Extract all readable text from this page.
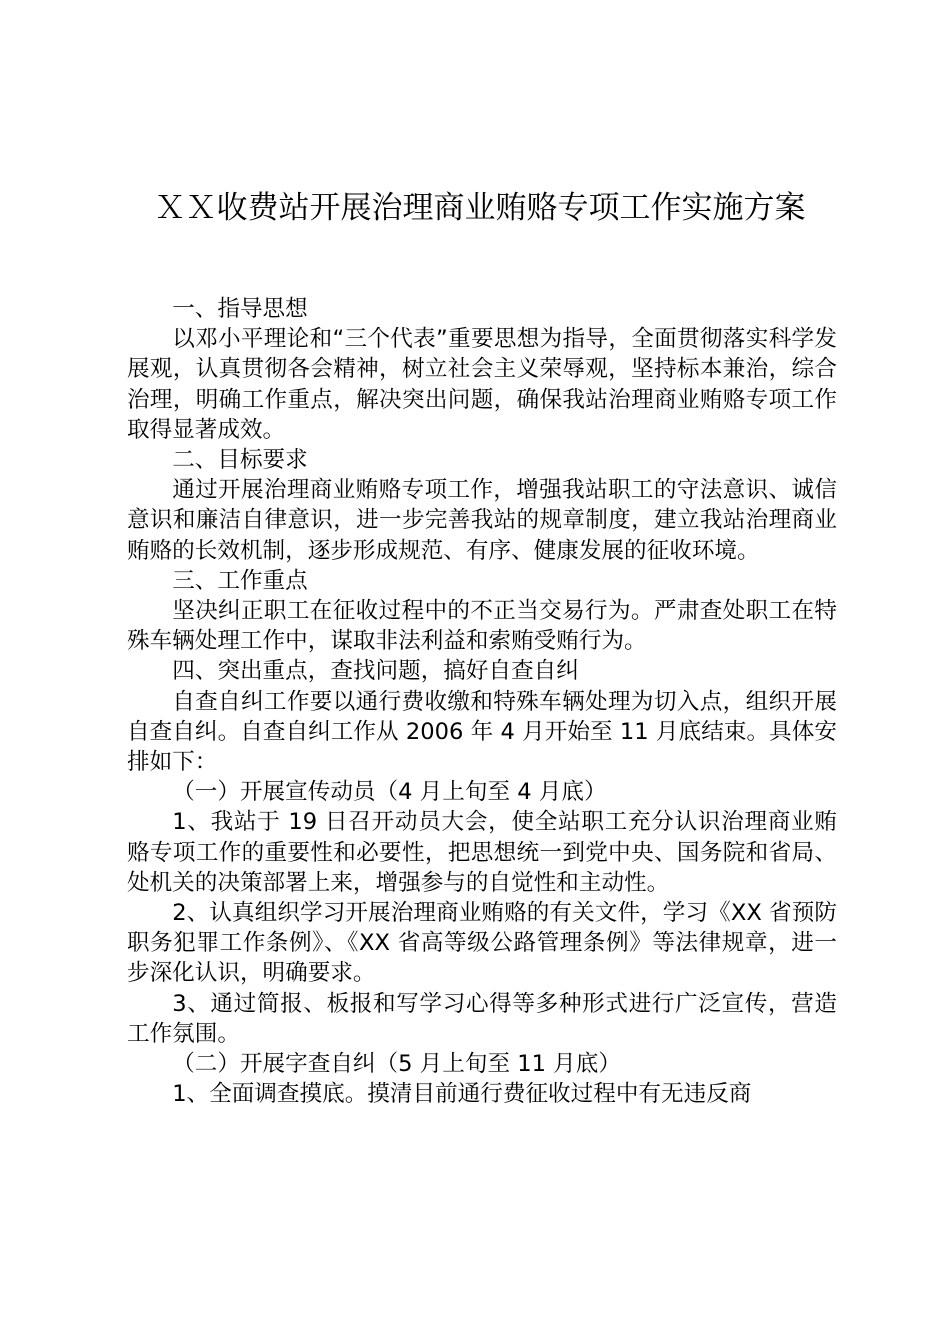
ＸＸ收费站开展治理商业贿赂专项工作实施方案

一、指导思想

以邓小平理论和“三个代表”重要思想为指导，全面贯彻落实科学发展观，认真贯彻各会精神，树立社会主义荣辱观，坚持标本兼治，综合治理，明确工作重点，解决突出问题，确保我站治理商业贿赂专项工作取得显著成效。

二、目标要求

通过开展治理商业贿赂专项工作，增强我站职工的守法意识、诚信意识和廉洁自律意识，进一步完善我站的规章制度，建立我站治理商业贿赂的长效机制，逐步形成规范、有序、健康发展的征收环境。

三、工作重点

坚决纠正职工在征收过程中的不正当交易行为。严肃查处职工在特殊车辆处理工作中，谋取非法利益和索贿受贿行为。

四、突出重点，查找问题，搞好自查自纠

自查自纠工作要以通行费收缴和特殊车辆处理为切入点，组织开展自查自纠。自查自纠工作从 2006 年 4 月开始至 11 月底结束。具体安排如下：

（一）开展宣传动员（4 月上旬至 4 月底）

1、我站于 19 日召开动员大会，使全站职工充分认识治理商业贿赂专项工作的重要性和必要性，把思想统一到党中央、国务院和省局、处机关的决策部署上来，增强参与的自觉性和主动性。

2、认真组织学习开展治理商业贿赂的有关文件，学习《XX 省预防职务犯罪工作条例》、《XX 省高等级公路管理条例》等法律规章，进一步深化认识，明确要求。

3、通过简报、板报和写学习心得等多种形式进行广泛宣传，营造工作氛围。

（二）开展字查自纠（5 月上旬至 11 月底）

1、全面调查摸底。摸清目前通行费征收过程中有无违反商
